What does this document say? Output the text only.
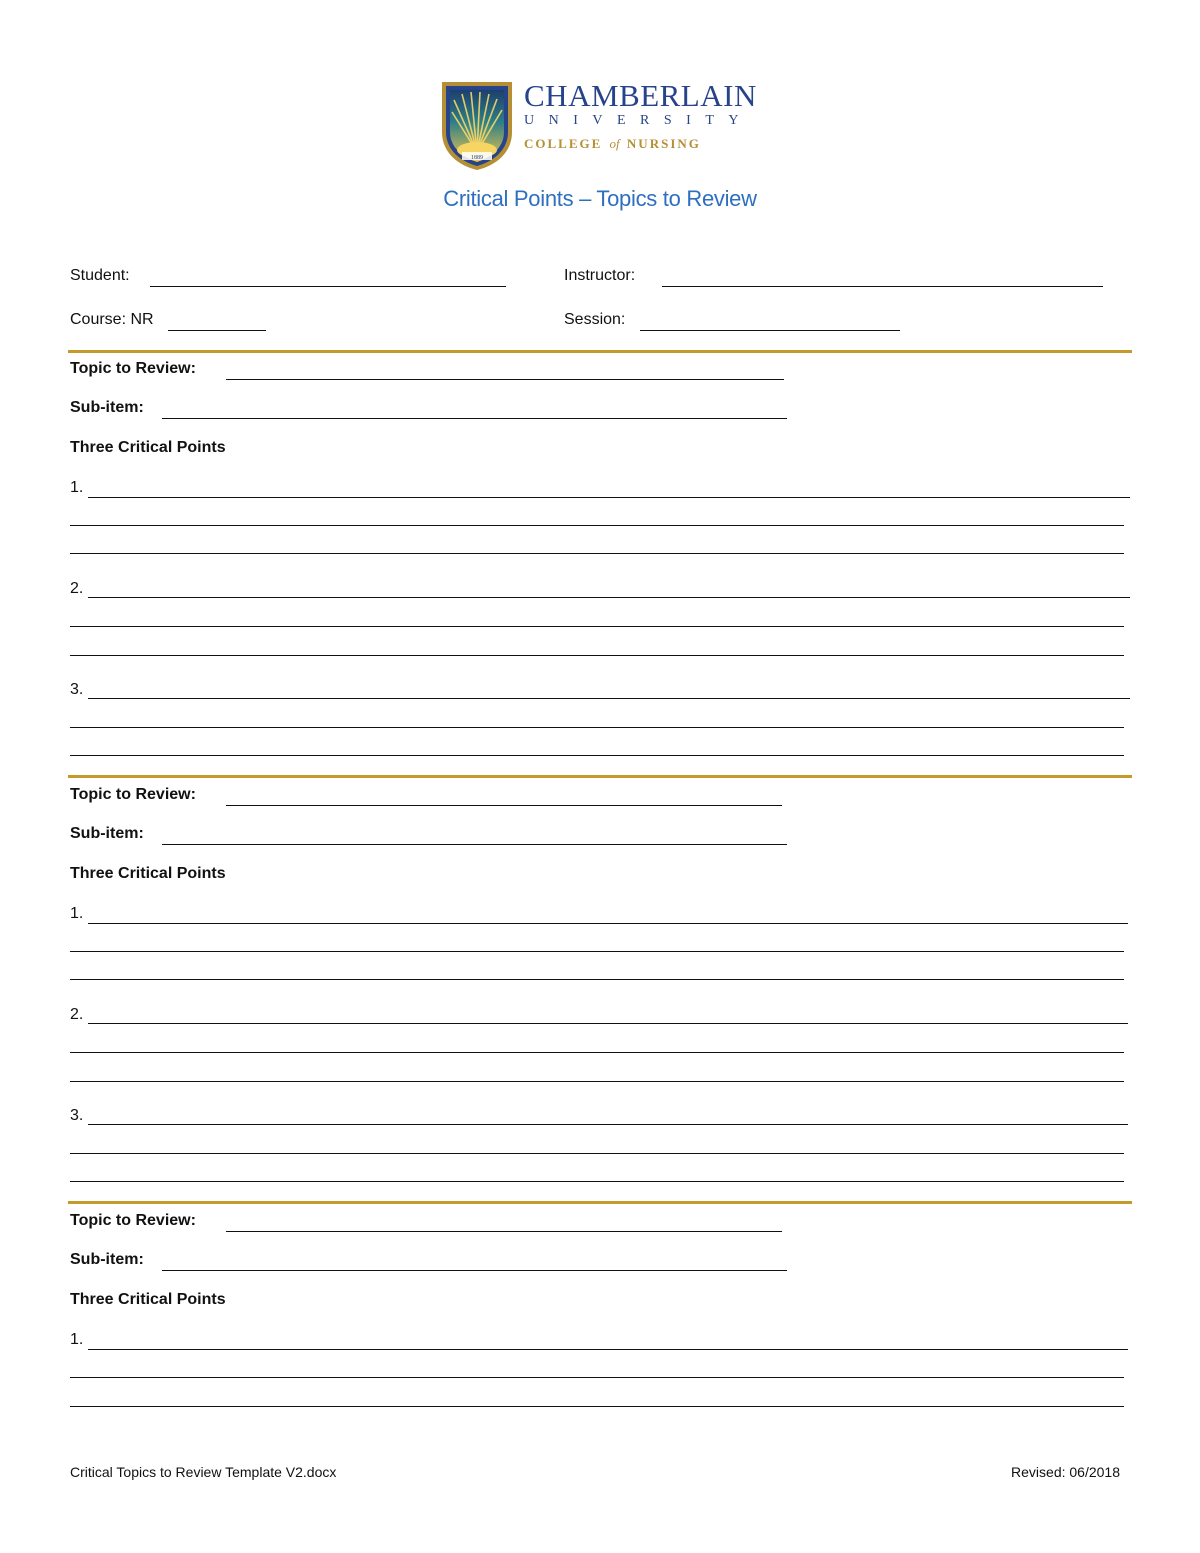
1889
CHAMBERLAIN
UNIVERSITY
COLLEGE of NURSING
Critical Points – Topics to Review
Student:	Instructor:
Course: NR	Session:
Topic to Review:
Sub-item:
Three Critical Points
1.
2.
3.
Topic to Review:
Sub-item:
Three Critical Points
1.
2.
3.
Topic to Review:
Sub-item:
Three Critical Points
1.
Critical Topics to Review Template V2.docx	Revised: 06/2018
